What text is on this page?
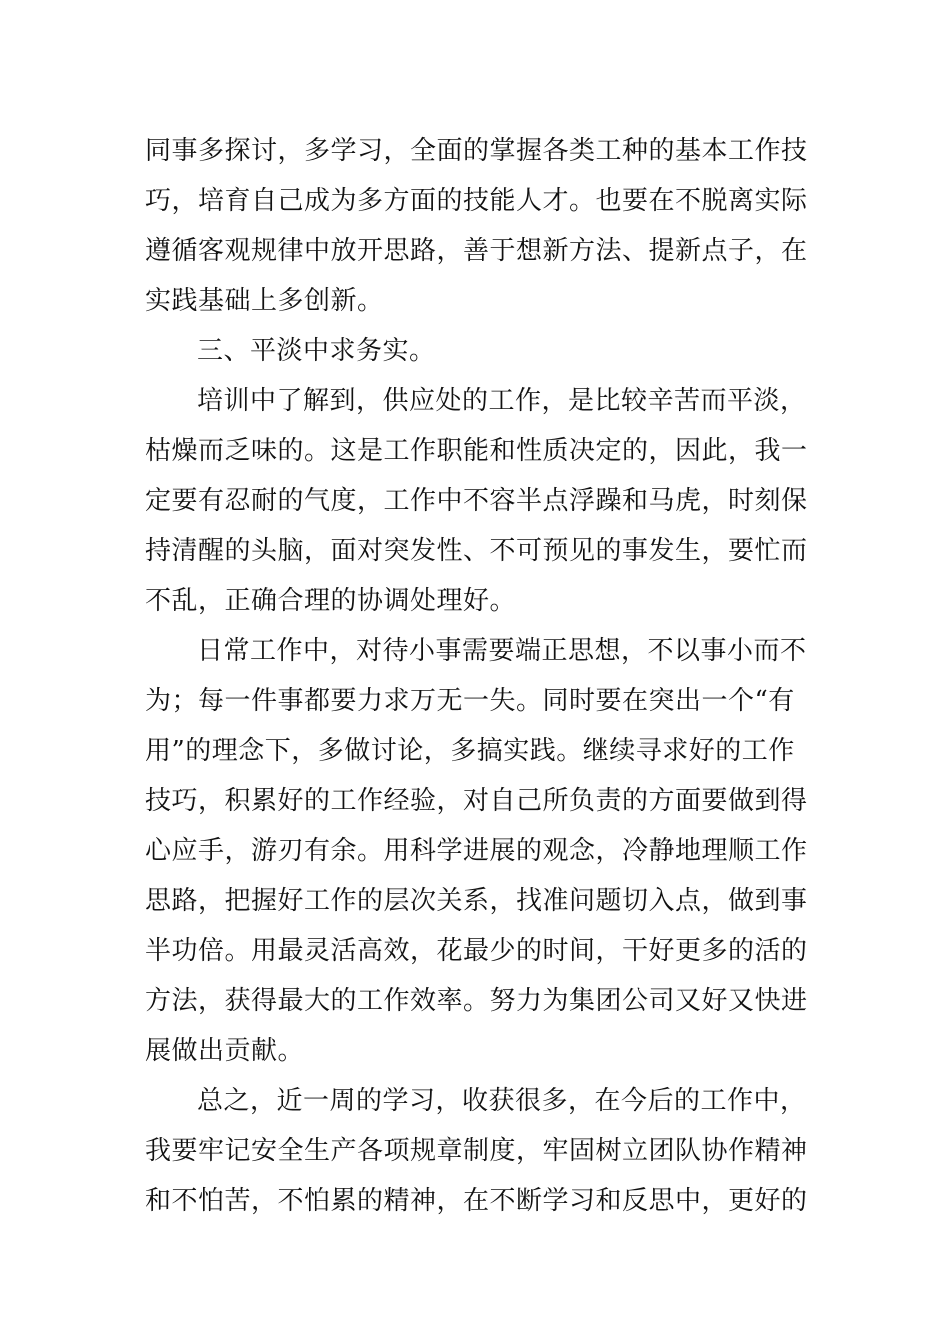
同事多探讨，多学习，全面的掌握各类工种的基本工作技
巧，培育自己成为多方面的技能人才。也要在不脱离实际
遵循客观规律中放开思路，善于想新方法、提新点子，在
实践基础上多创新。
三、平淡中求务实。
培训中了解到，供应处的工作，是比较辛苦而平淡，
枯燥而乏味的。这是工作职能和性质决定的，因此，我一
定要有忍耐的气度，工作中不容半点浮躁和马虎，时刻保
持清醒的头脑，面对突发性、不可预见的事发生，要忙而
不乱，正确合理的协调处理好。
日常工作中，对待小事需要端正思想，不以事小而不
为；每一件事都要力求万无一失。同时要在突出一个“有
用”的理念下，多做讨论，多搞实践。继续寻求好的工作
技巧，积累好的工作经验，对自己所负责的方面要做到得
心应手，游刃有余。用科学进展的观念，冷静地理顺工作
思路，把握好工作的层次关系，找准问题切入点，做到事
半功倍。用最灵活高效，花最少的时间，干好更多的活的
方法，获得最大的工作效率。努力为集团公司又好又快进
展做出贡献。
总之，近一周的学习，收获很多，在今后的工作中，
我要牢记安全生产各项规章制度，牢固树立团队协作精神
和不怕苦，不怕累的精神，在不断学习和反思中，更好的
